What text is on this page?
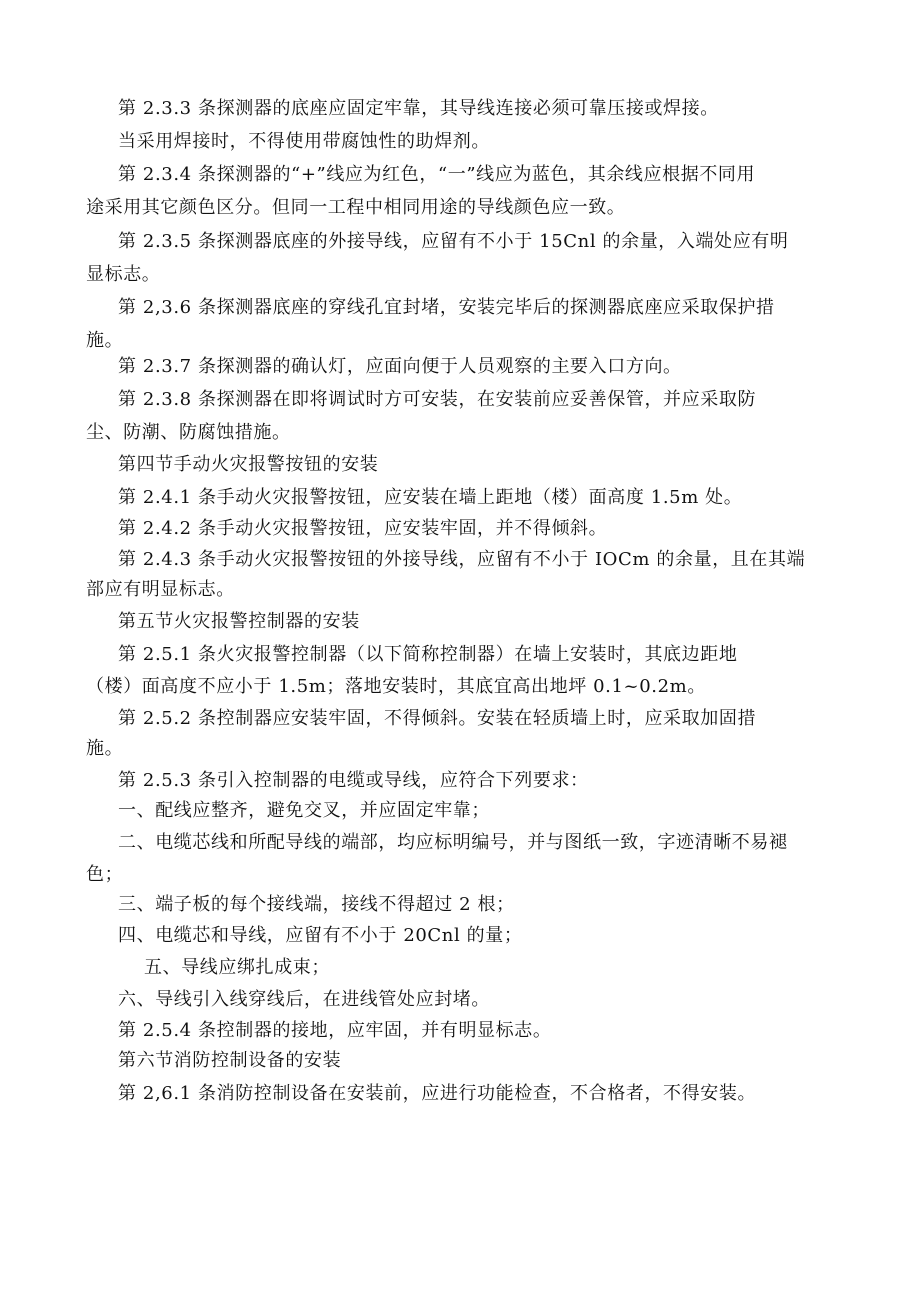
第 2.3.3 条探测器的底座应固定牢靠，其导线连接必须可靠压接或焊接。
当采用焊接时，不得使用带腐蚀性的助焊剂。
第 2.3.4 条探测器的“+”线应为红色，“一”线应为蓝色，其余线应根据不同用
途采用其它颜色区分。但同一工程中相同用途的导线颜色应一致。
第 2.3.5 条探测器底座的外接导线，应留有不小于 15Cnl 的余量，入端处应有明
显标志。
第 2,3.6 条探测器底座的穿线孔宜封堵，安装完毕后的探测器底座应采取保护措
施。
第 2.3.7 条探测器的确认灯，应面向便于人员观察的主要入口方向。
第 2.3.8 条探测器在即将调试时方可安装，在安装前应妥善保管，并应采取防
尘、防潮、防腐蚀措施。
第四节手动火灾报警按钮的安装
第 2.4.1 条手动火灾报警按钮，应安装在墙上距地（楼）面高度 1.5m 处。
第 2.4.2 条手动火灾报警按钮，应安装牢固，并不得倾斜。
第 2.4.3 条手动火灾报警按钮的外接导线，应留有不小于 IOCm 的余量，且在其端
部应有明显标志。
第五节火灾报警控制器的安装
第 2.5.1 条火灾报警控制器（以下简称控制器）在墙上安装时，其底边距地
（楼）面高度不应小于 1.5m；落地安装时，其底宜高出地坪 0.1~0.2m。
第 2.5.2 条控制器应安装牢固，不得倾斜。安装在轻质墙上时，应采取加固措
施。
第 2.5.3 条引入控制器的电缆或导线，应符合下列要求：
一、配线应整齐，避免交叉，并应固定牢靠；
二、电缆芯线和所配导线的端部，均应标明编号，并与图纸一致，字迹清晰不易褪
色；
三、端子板的每个接线端，接线不得超过 2 根；
四、电缆芯和导线，应留有不小于 20Cnl 的量；
五、导线应绑扎成束；
六、导线引入线穿线后，在进线管处应封堵。
第 2.5.4 条控制器的接地，应牢固，并有明显标志。
第六节消防控制设备的安装
第 2,6.1 条消防控制设备在安装前，应进行功能检查，不合格者，不得安装。
